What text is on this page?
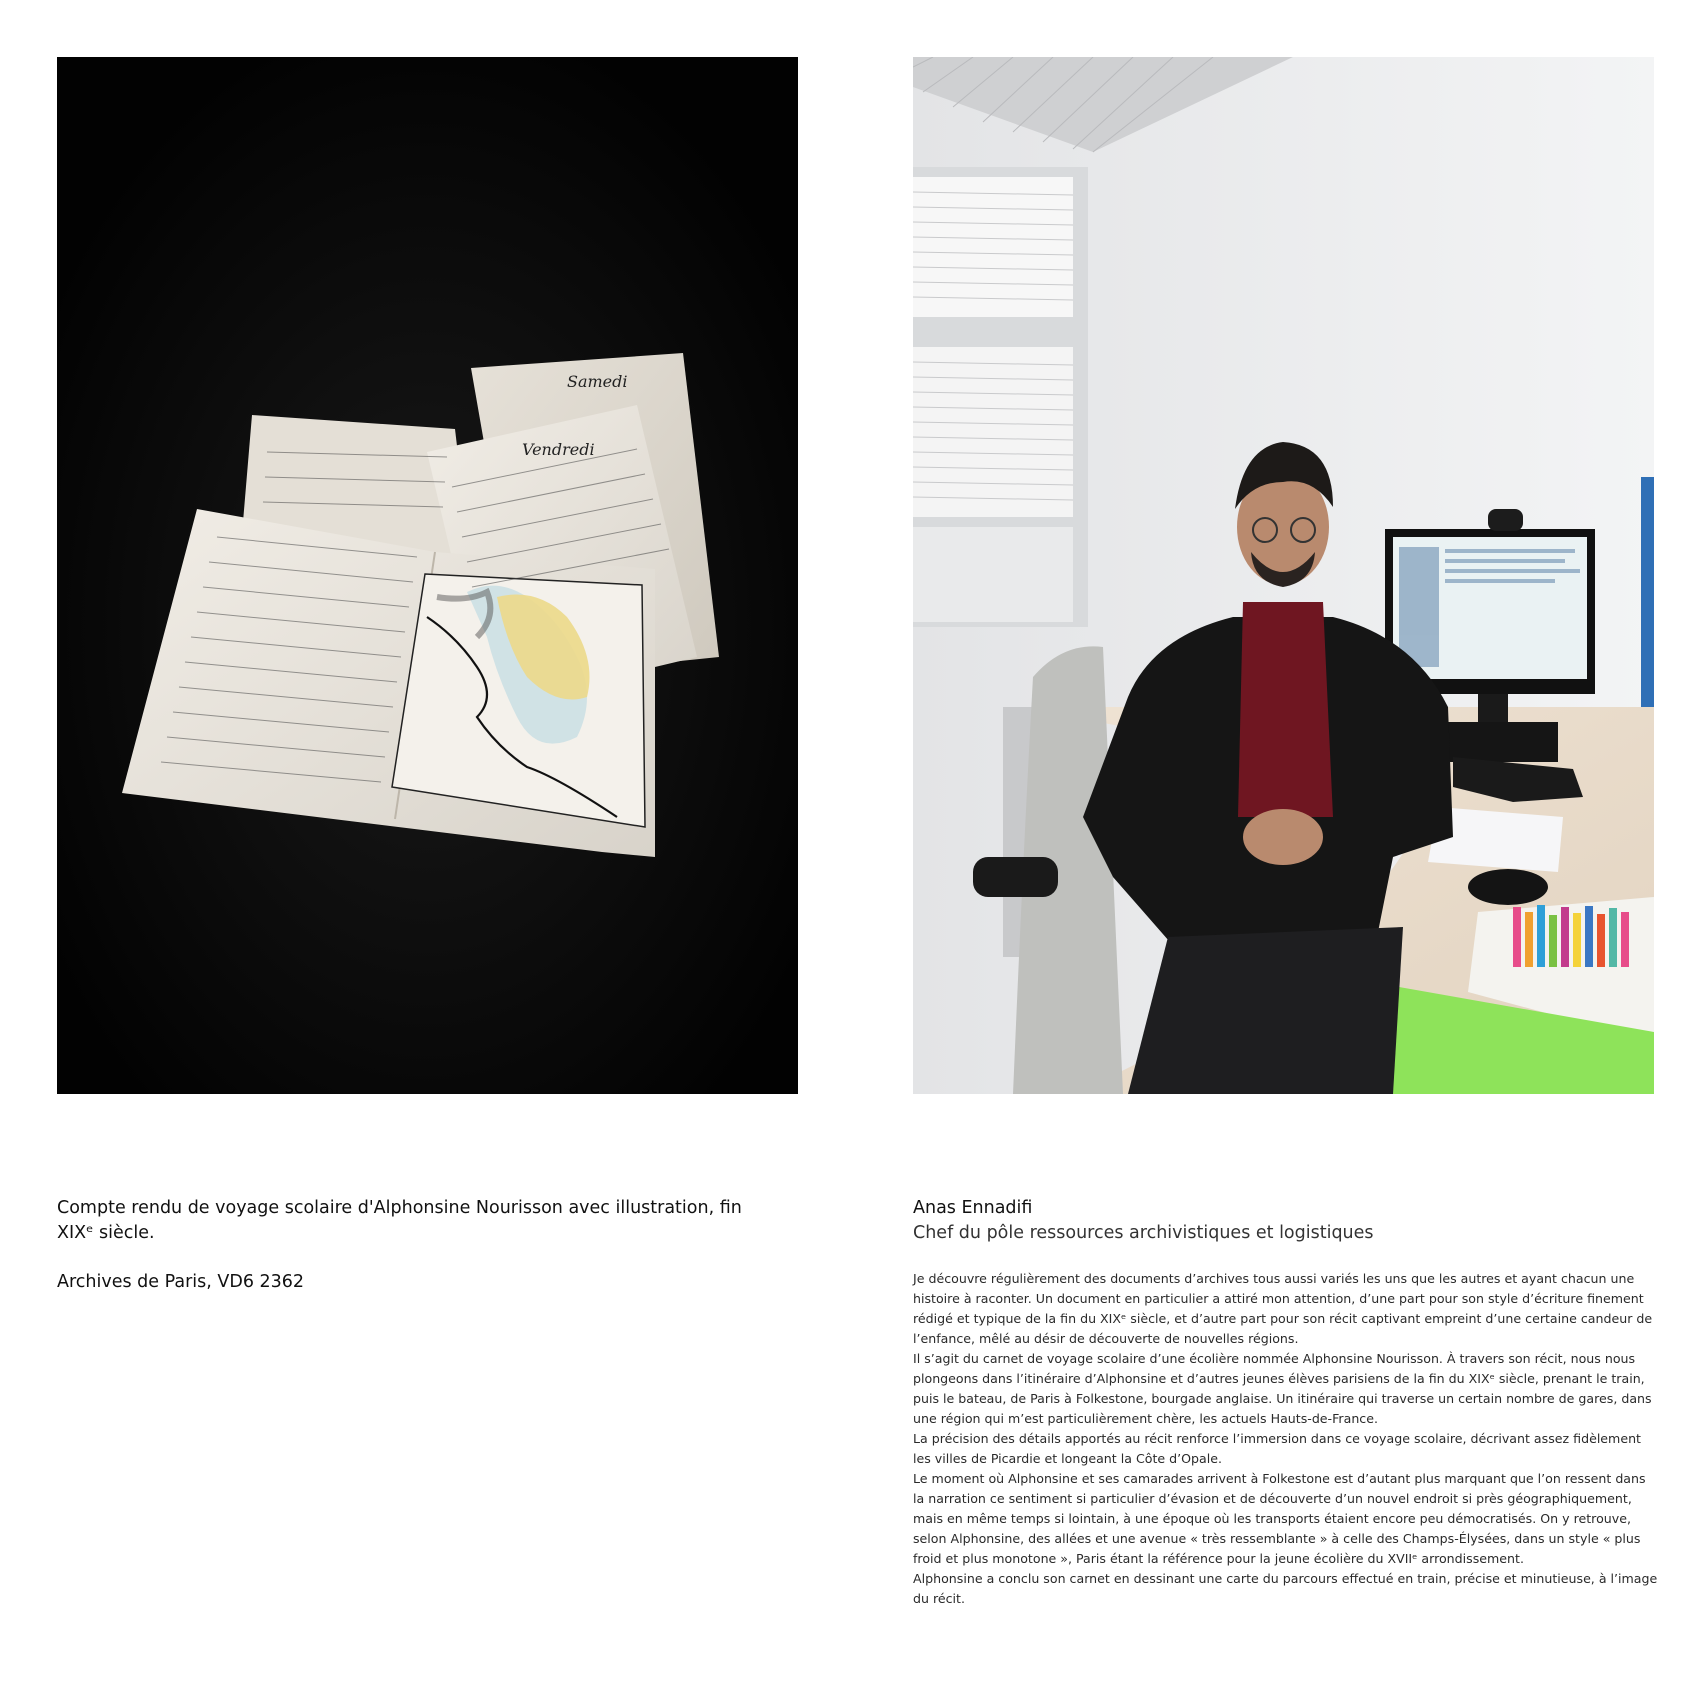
Samedi
Vendredi

Compte rendu de voyage scolaire d'Alphonsine Nourisson avec illustration, fin XIXᵉ siècle.

Archives de Paris, VD6 2362

Anas Ennadifi

Chef du pôle ressources archivistiques et logistiques

Je découvre régulièrement des documents d’archives tous aussi variés les uns que les autres et ayant chacun une histoire à raconter. Un document en particulier a attiré mon attention, d’une part pour son style d’écriture finement rédigé et typique de la fin du XIXᵉ siècle, et d’autre part pour son récit captivant empreint d’une certaine candeur de l’enfance, mêlé au désir de découverte de nouvelles régions.

Il s’agit du carnet de voyage scolaire d’une écolière nommée Alphonsine Nourisson. À travers son récit, nous nous plongeons dans l’itinéraire d’Alphonsine et d’autres jeunes élèves parisiens de la fin du XIXᵉ siècle, prenant le train, puis le bateau, de Paris à Folkestone, bourgade anglaise. Un itinéraire qui traverse un certain nombre de gares, dans une région qui m’est particulièrement chère, les actuels Hauts-de-France.

La précision des détails apportés au récit renforce l’immersion dans ce voyage scolaire, décrivant assez fidèlement les villes de Picardie et longeant la Côte d’Opale.

Le moment où Alphonsine et ses camarades arrivent à Folkestone est d’autant plus marquant que l’on ressent dans la narration ce sentiment si particulier d’évasion et de découverte d’un nouvel endroit si près géographiquement, mais en même temps si lointain, à une époque où les transports étaient encore peu démocratisés. On y retrouve, selon Alphonsine, des allées et une avenue « très ressemblante » à celle des Champs-Élysées, dans un style « plus froid et plus monotone », Paris étant la référence pour la jeune écolière du XVIIᵉ arrondissement.

Alphonsine a conclu son carnet en dessinant une carte du parcours effectué en train, précise et minutieuse, à l’image du récit.
